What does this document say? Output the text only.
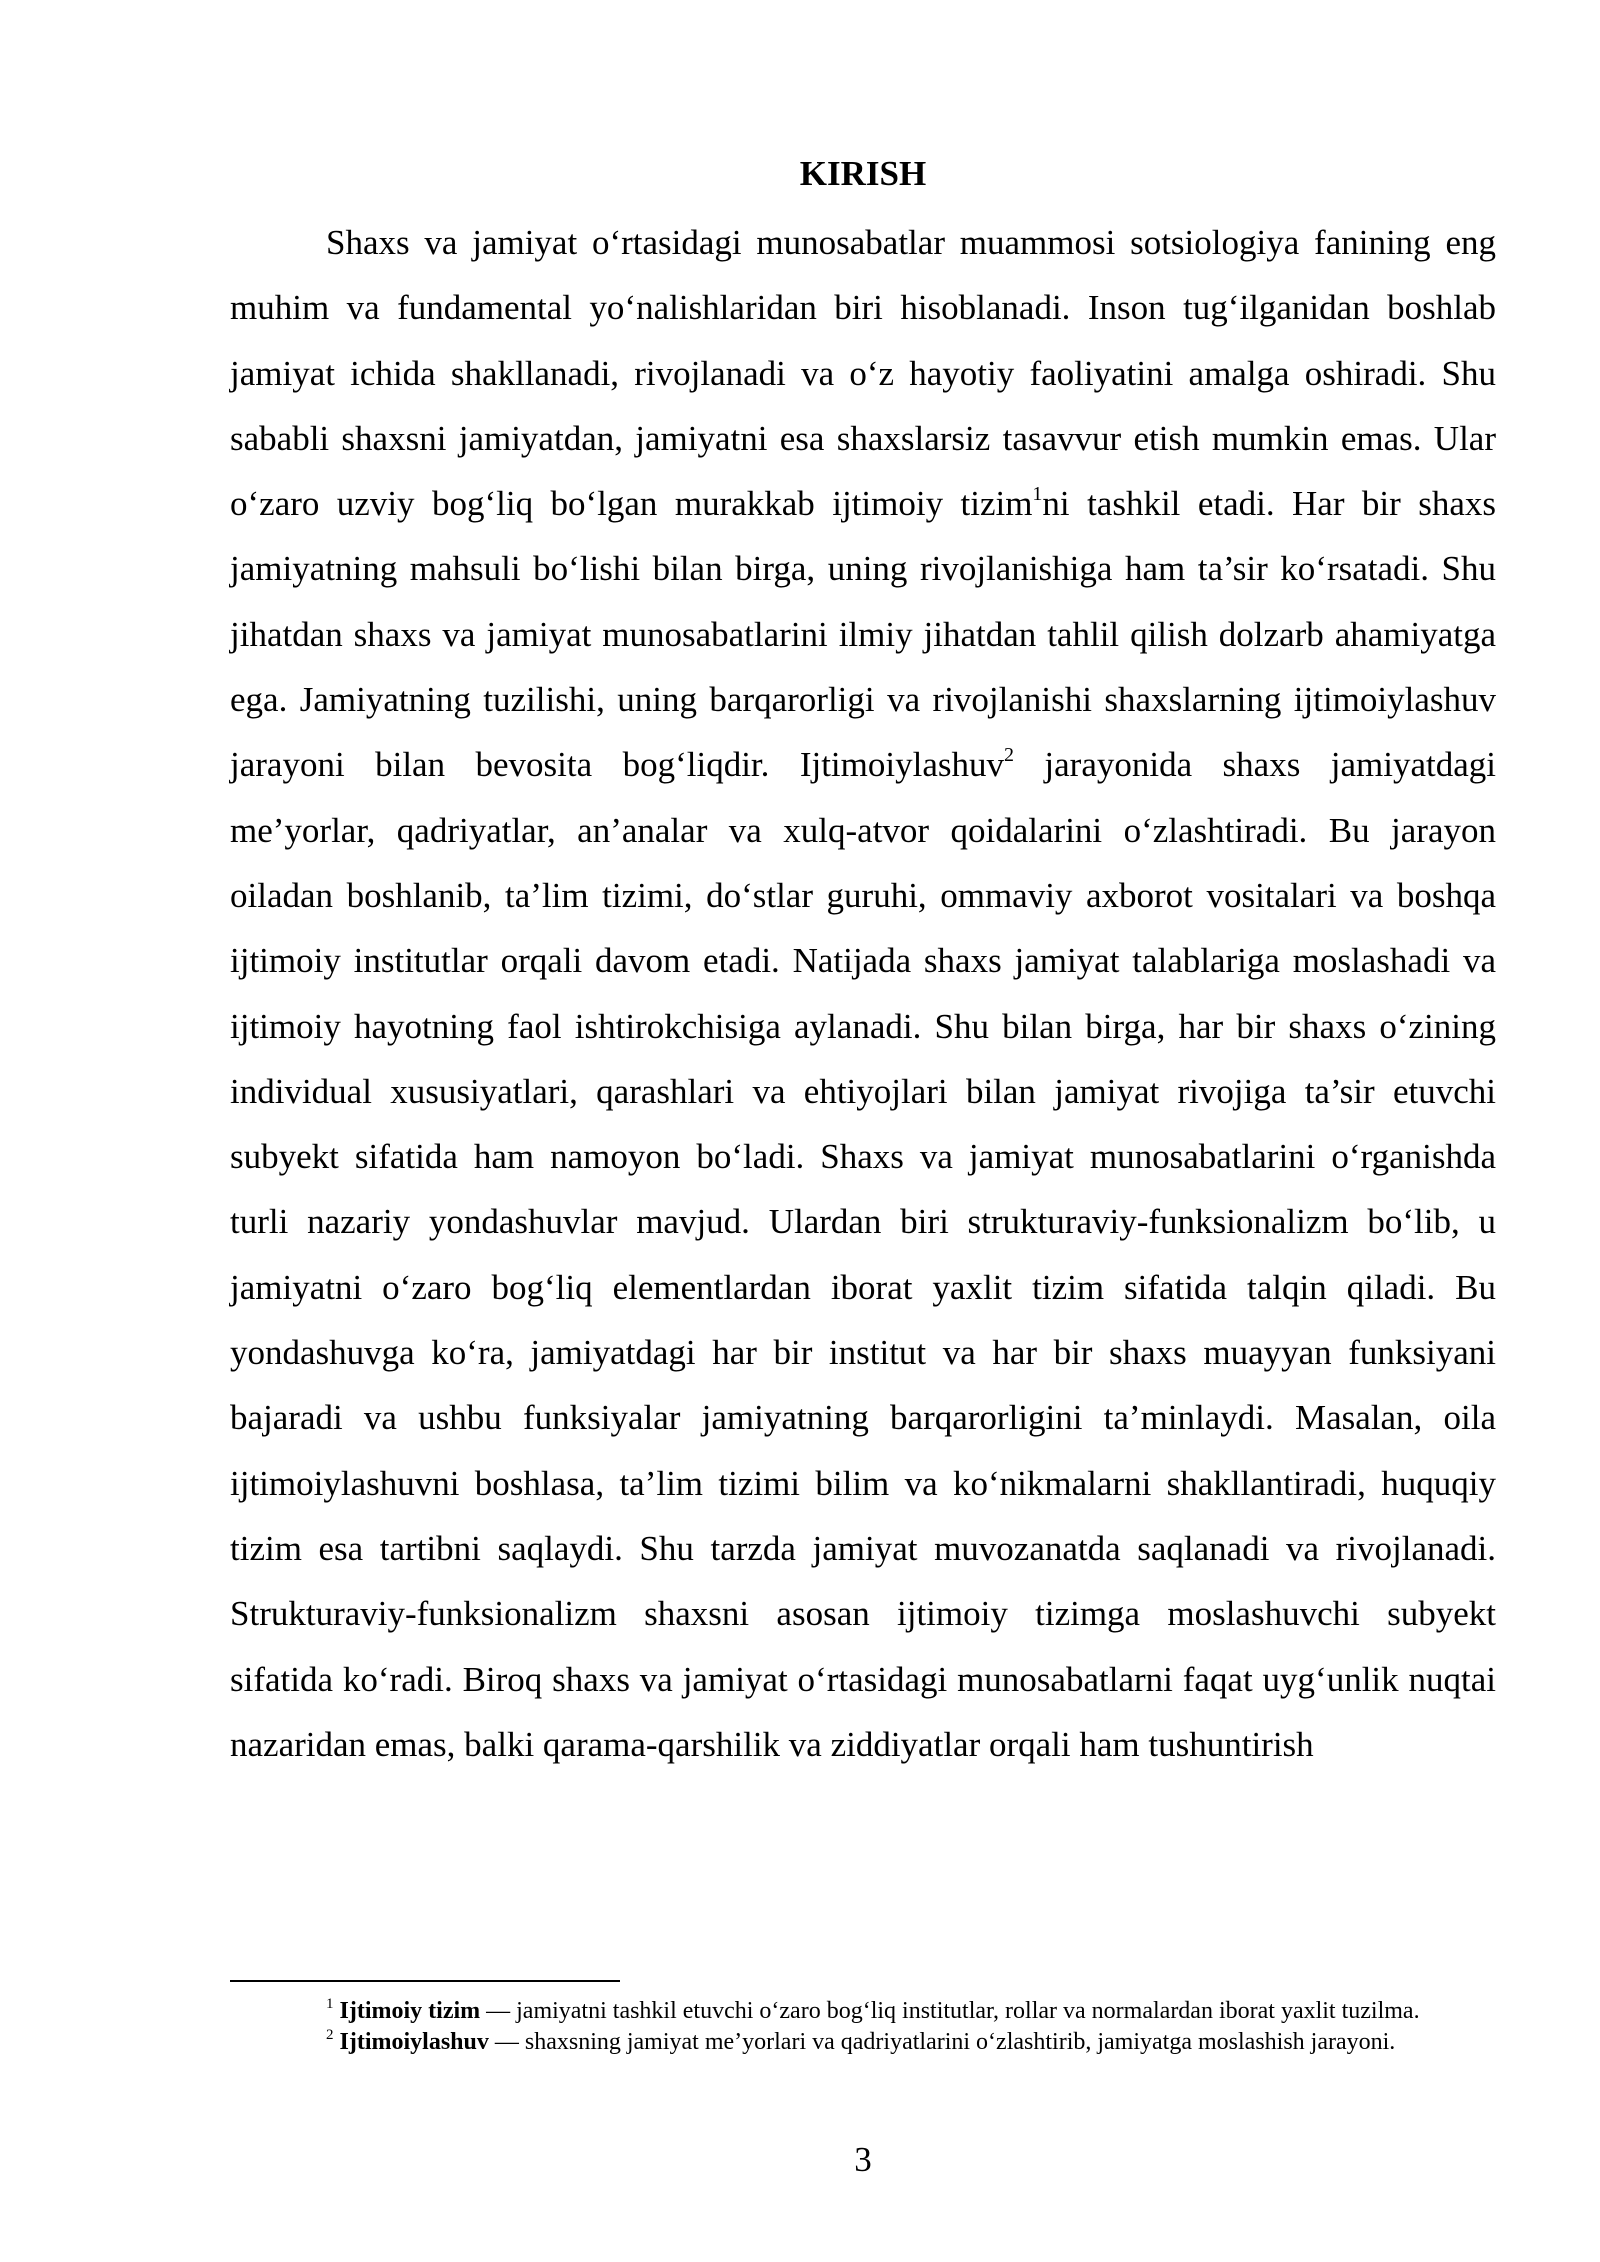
KIRISH

Shaxs va jamiyat o‘rtasidagi munosabatlar muammosi sotsiologiya fanining eng muhim va fundamental yo‘nalishlaridan biri hisoblanadi. Inson tug‘ilganidan boshlab jamiyat ichida shakllanadi, rivojlanadi va o‘z hayotiy faoliyatini amalga oshiradi. Shu sababli shaxsni jamiyatdan, jamiyatni esa shaxslarsiz tasavvur etish mumkin emas. Ular o‘zaro uzviy bog‘liq bo‘lgan murakkab ijtimoiy tizim$^1$ni tashkil etadi. Har bir shaxs jamiyatning mahsuli bo‘lishi bilan birga, uning rivojlanishiga ham ta’sir ko‘rsatadi. Shu jihatdan shaxs va jamiyat munosabatlarini ilmiy jihatdan tahlil qilish dolzarb ahamiyatga ega. Jamiyatning tuzilishi, uning barqarorligi va rivojlanishi shaxslarning ijtimoiylashuv jarayoni bilan bevosita bog‘liqdir. Ijtimoiylashuv$^2$ jarayonida shaxs jamiyatdagi me’yorlar, qadriyatlar, an’analar va xulq-atvor qoidalarini o‘zlashtiradi. Bu jarayon oiladan boshlanib, ta’lim tizimi, do‘stlar guruhi, ommaviy axborot vositalari va boshqa ijtimoiy institutlar orqali davom etadi. Natijada shaxs jamiyat talablariga moslashadi va ijtimoiy hayotning faol ishtirokchisiga aylanadi. Shu bilan birga, har bir shaxs o‘zining individual xususiyatlari, qarashlari va ehtiyojlari bilan jamiyat rivojiga ta’sir etuvchi subyekt sifatida ham namoyon bo‘ladi. Shaxs va jamiyat munosabatlarini o‘rganishda turli nazariy yondashuvlar mavjud. Ulardan biri strukturaviy-funksionalizm bo‘lib, u jamiyatni o‘zaro bog‘liq elementlardan iborat yaxlit tizim sifatida talqin qiladi. Bu yondashuvga ko‘ra, jamiyatdagi har bir institut va har bir shaxs muayyan funksiyani bajaradi va ushbu funksiyalar jamiyatning barqarorligini ta’minlaydi. Masalan, oila ijtimoiylashuvni boshlasa, ta’lim tizimi bilim va ko‘nikmalarni shakllantiradi, huquqiy tizim esa tartibni saqlaydi. Shu tarzda jamiyat muvozanatda saqlanadi va rivojlanadi. Strukturaviy-funksionalizm shaxsni asosan ijtimoiy tizimga moslashuvchi subyekt sifatida ko‘radi. Biroq shaxs va jamiyat o‘rtasidagi munosabatlarni faqat uyg‘unlik nuqtai nazaridan emas, balki qarama-qarshilik va ziddiyatlar orqali ham tushuntirish

$^1$ Ijtimoiy tizim — jamiyatni tashkil etuvchi o‘zaro bog‘liq institutlar, rollar va normalardan iborat yaxlit tuzilma.

$^2$ Ijtimoiylashuv — shaxsning jamiyat me’yorlari va qadriyatlarini o‘zlashtirib, jamiyatga moslashish jarayoni.

3
